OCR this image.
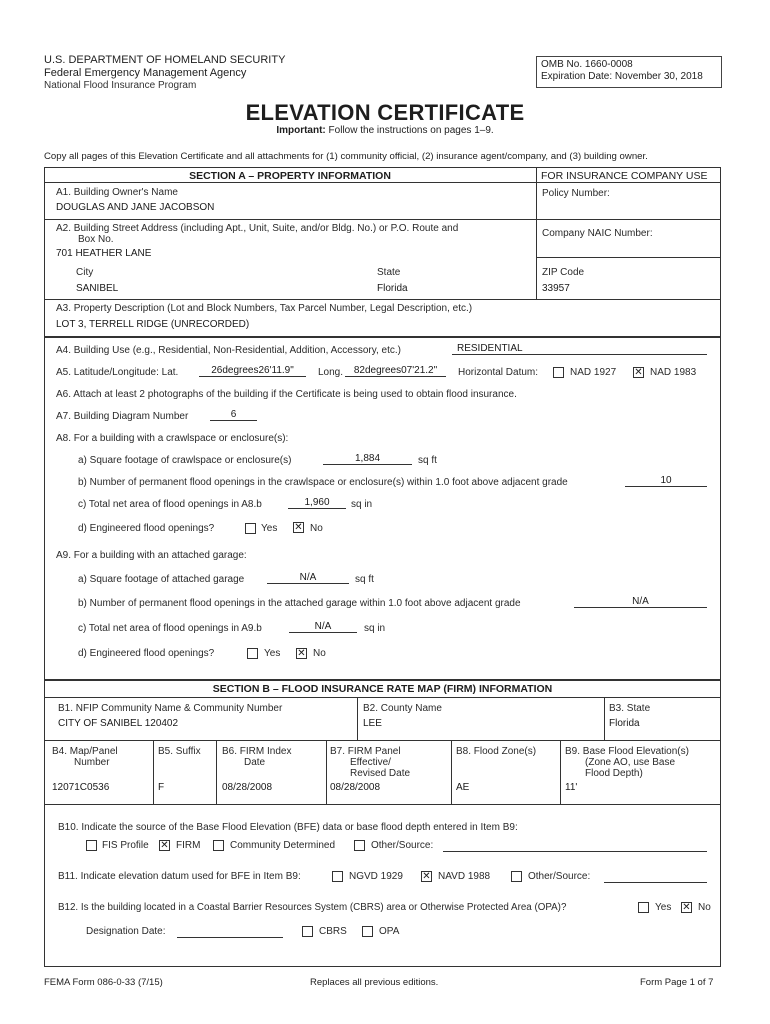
U.S. DEPARTMENT OF HOMELAND SECURITY
Federal Emergency Management Agency
National Flood Insurance Program
OMB No. 1660-0008
Expiration Date: November 30, 2018
ELEVATION CERTIFICATE
Important: Follow the instructions on pages 1–9.
Copy all pages of this Elevation Certificate and all attachments for (1) community official, (2) insurance agent/company, and (3) building owner.
SECTION A – PROPERTY INFORMATION	FOR INSURANCE COMPANY USE
A1. Building Owner's Name
DOUGLAS AND JANE JACOBSON
Policy Number:
A2. Building Street Address (including Apt., Unit, Suite, and/or Bldg. No.) or P.O. Route and
Box No.
701 HEATHER LANE
Company NAIC Number:
City
SANIBEL
State
Florida
ZIP Code
33957
A3. Property Description (Lot and Block Numbers, Tax Parcel Number, Legal Description, etc.)
LOT 3, TERRELL RIDGE (UNRECORDED)
A4. Building Use (e.g., Residential, Non-Residential, Addition, Accessory, etc.)	RESIDENTIAL
A5. Latitude/Longitude: Lat.	26degrees26'11.9"	Long.	82degrees07'21.2"	Horizontal Datum:	NAD 1927 ✕ NAD 1983
A6. Attach at least 2 photographs of the building if the Certificate is being used to obtain flood insurance.
A7. Building Diagram Number	6
A8. For a building with a crawlspace or enclosure(s):
a) Square footage of crawlspace or enclosure(s)	1,884	sq ft
b) Number of permanent flood openings in the crawlspace or enclosure(s) within 1.0 foot above adjacent grade	10
c) Total net area of flood openings in A8.b	1,960	sq in
d) Engineered flood openings?	Yes ✕ No
A9. For a building with an attached garage:
a) Square footage of attached garage	N/A	sq ft
b) Number of permanent flood openings in the attached garage within 1.0 foot above adjacent grade	N/A
c) Total net area of flood openings in A9.b	N/A	sq in
d) Engineered flood openings?	Yes ✕ No
SECTION B – FLOOD INSURANCE RATE MAP (FIRM) INFORMATION
B1. NFIP Community Name & Community Number
CITY OF SANIBEL 120402
B2. County Name
LEE
B3. State
Florida
B4. Map/Panel
Number
12071C0536
B5. Suffix
F
B6. FIRM Index
Date
08/28/2008
B7. FIRM Panel
Effective/
Revised Date
08/28/2008
B8. Flood Zone(s)
AE
B9. Base Flood Elevation(s)
(Zone AO, use Base
Flood Depth)
11'
B10. Indicate the source of the Base Flood Elevation (BFE) data or base flood depth entered in Item B9:
FIS Profile ✕ FIRM	Community Determined	Other/Source:
B11. Indicate elevation datum used for BFE in Item B9:	NGVD 1929 ✕ NAVD 1988	Other/Source:
B12. Is the building located in a Coastal Barrier Resources System (CBRS) area or Otherwise Protected Area (OPA)?	Yes ✕ No
Designation Date:	CBRS	OPA
FEMA Form 086-0-33 (7/15)	Replaces all previous editions.	Form Page 1 of 7
